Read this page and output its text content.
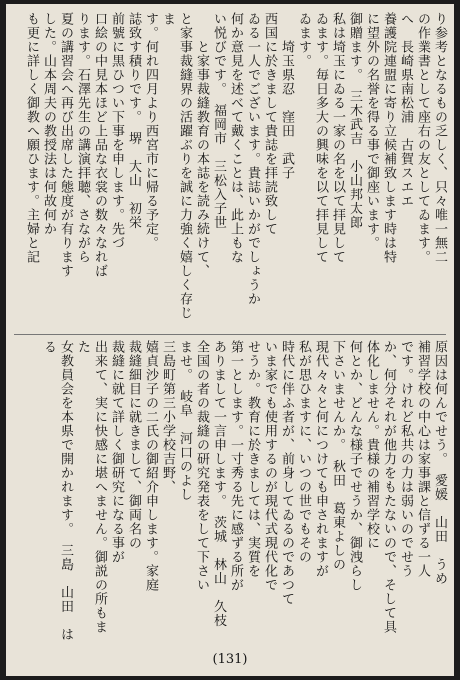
り参考となるもの乏しく、只々唯一無二

の作業書として座右の友としてゐます。

へ　長崎県南松浦　古賀スエエ

養護院連盟に寄り立候補致します時は特

に望外の名誉を得る事で御座います。

御贈ます。　三木武吉　小山邦太郎

私は埼玉にゐる一家の名を以て拝見して

ゐます。毎日多大の興味を以て拝見して

ゐます。

　　埼玉県忍　窪田　武子

西国に於きまして貴誌を拝読致して

ゐる一人でございます。貴誌いかがでしょうか

何か意見を述べて戴くことは、此上もな

い悦びです。　福岡市　三松入子世

　　と家事裁縫教育の本誌を読み続けて、

と家事裁縫界の活躍ぶりを誠に力強く嬉しく存じま

す。何れ四月より西宮市に帰る予定。

誌致す積りです。　堺　大山　初栄

前號に黒ひつい下事を申します。先づ

口絵の中見本ほど上品な衣裳の数々なれば

ります。石澤先生の講演拝聴、さながら

夏の講習会へ再び出席した態度が有ります

した。山本周夫の教授法は何故何か

も更に詳しく御教へ願ひます。主婦と記

原因は何んでせう。　愛媛　山田　うめ

補習学校の中心は家事課と信ずる一人

です。けれど私共の力は弱いのでせう

か、何分それが他力をもたないので、そして具体化しません。貴様の補習学校に

何とか、どんな様子でせうか、御洩らし

下さいませんか。　秋田　葛東よしの

現代々々と何につけても申されますが

私が思ひますに、いつの世でもその

時代に伴ふ者が、前身してゐるのであつて

いま家でも使用するのが現代式現代化で

せうか。教育に於きましては、実質を

第一とします。一寸秀る先に感ずる所が

ありまして一言申します。　茨城　林山　久枝

全国の者の裁縫の研究発表をして下さい

ませ。　岐阜　河口のよし

三島町第三小学校吉野、

嬉貞沙子の二氏の御紹介申します。家庭

裁縫細目に就きまして、御両名の

裁縫に就て詳しく御研究になる事が

出来て、実に快感に堪へません。御説の所もまた

女教員会を本県で開かれます。　三島　山田　はる

(131)
